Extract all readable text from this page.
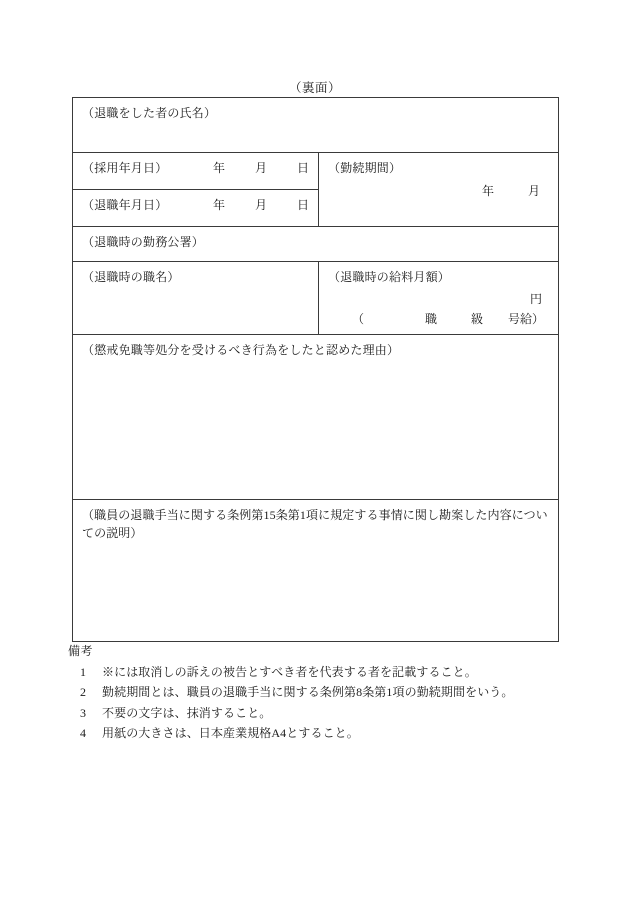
（裏面）
（退職をした者の氏名）	

（採用年月日） 年 月 日	（勤続期間）
年 月

（退職年月日） 年 月 日	

（退職時の勤務公署）	

（退職時の職名）	（退職時の給料月額）
円
（	職	級	号給）

（懲戒免職等処分を受けるべき行為をしたと認めた理由）	

（職員の退職手当に関する条例第15条第1項に規定する事情に関し勘案した内容についての説明）	
備考
1	※には取消しの訴えの被告とすべき者を代表する者を記載すること。
2	勤続期間とは、職員の退職手当に関する条例第8条第1項の勤続期間をいう。
3	不要の文字は、抹消すること。
4	用紙の大きさは、日本産業規格A4とすること。
